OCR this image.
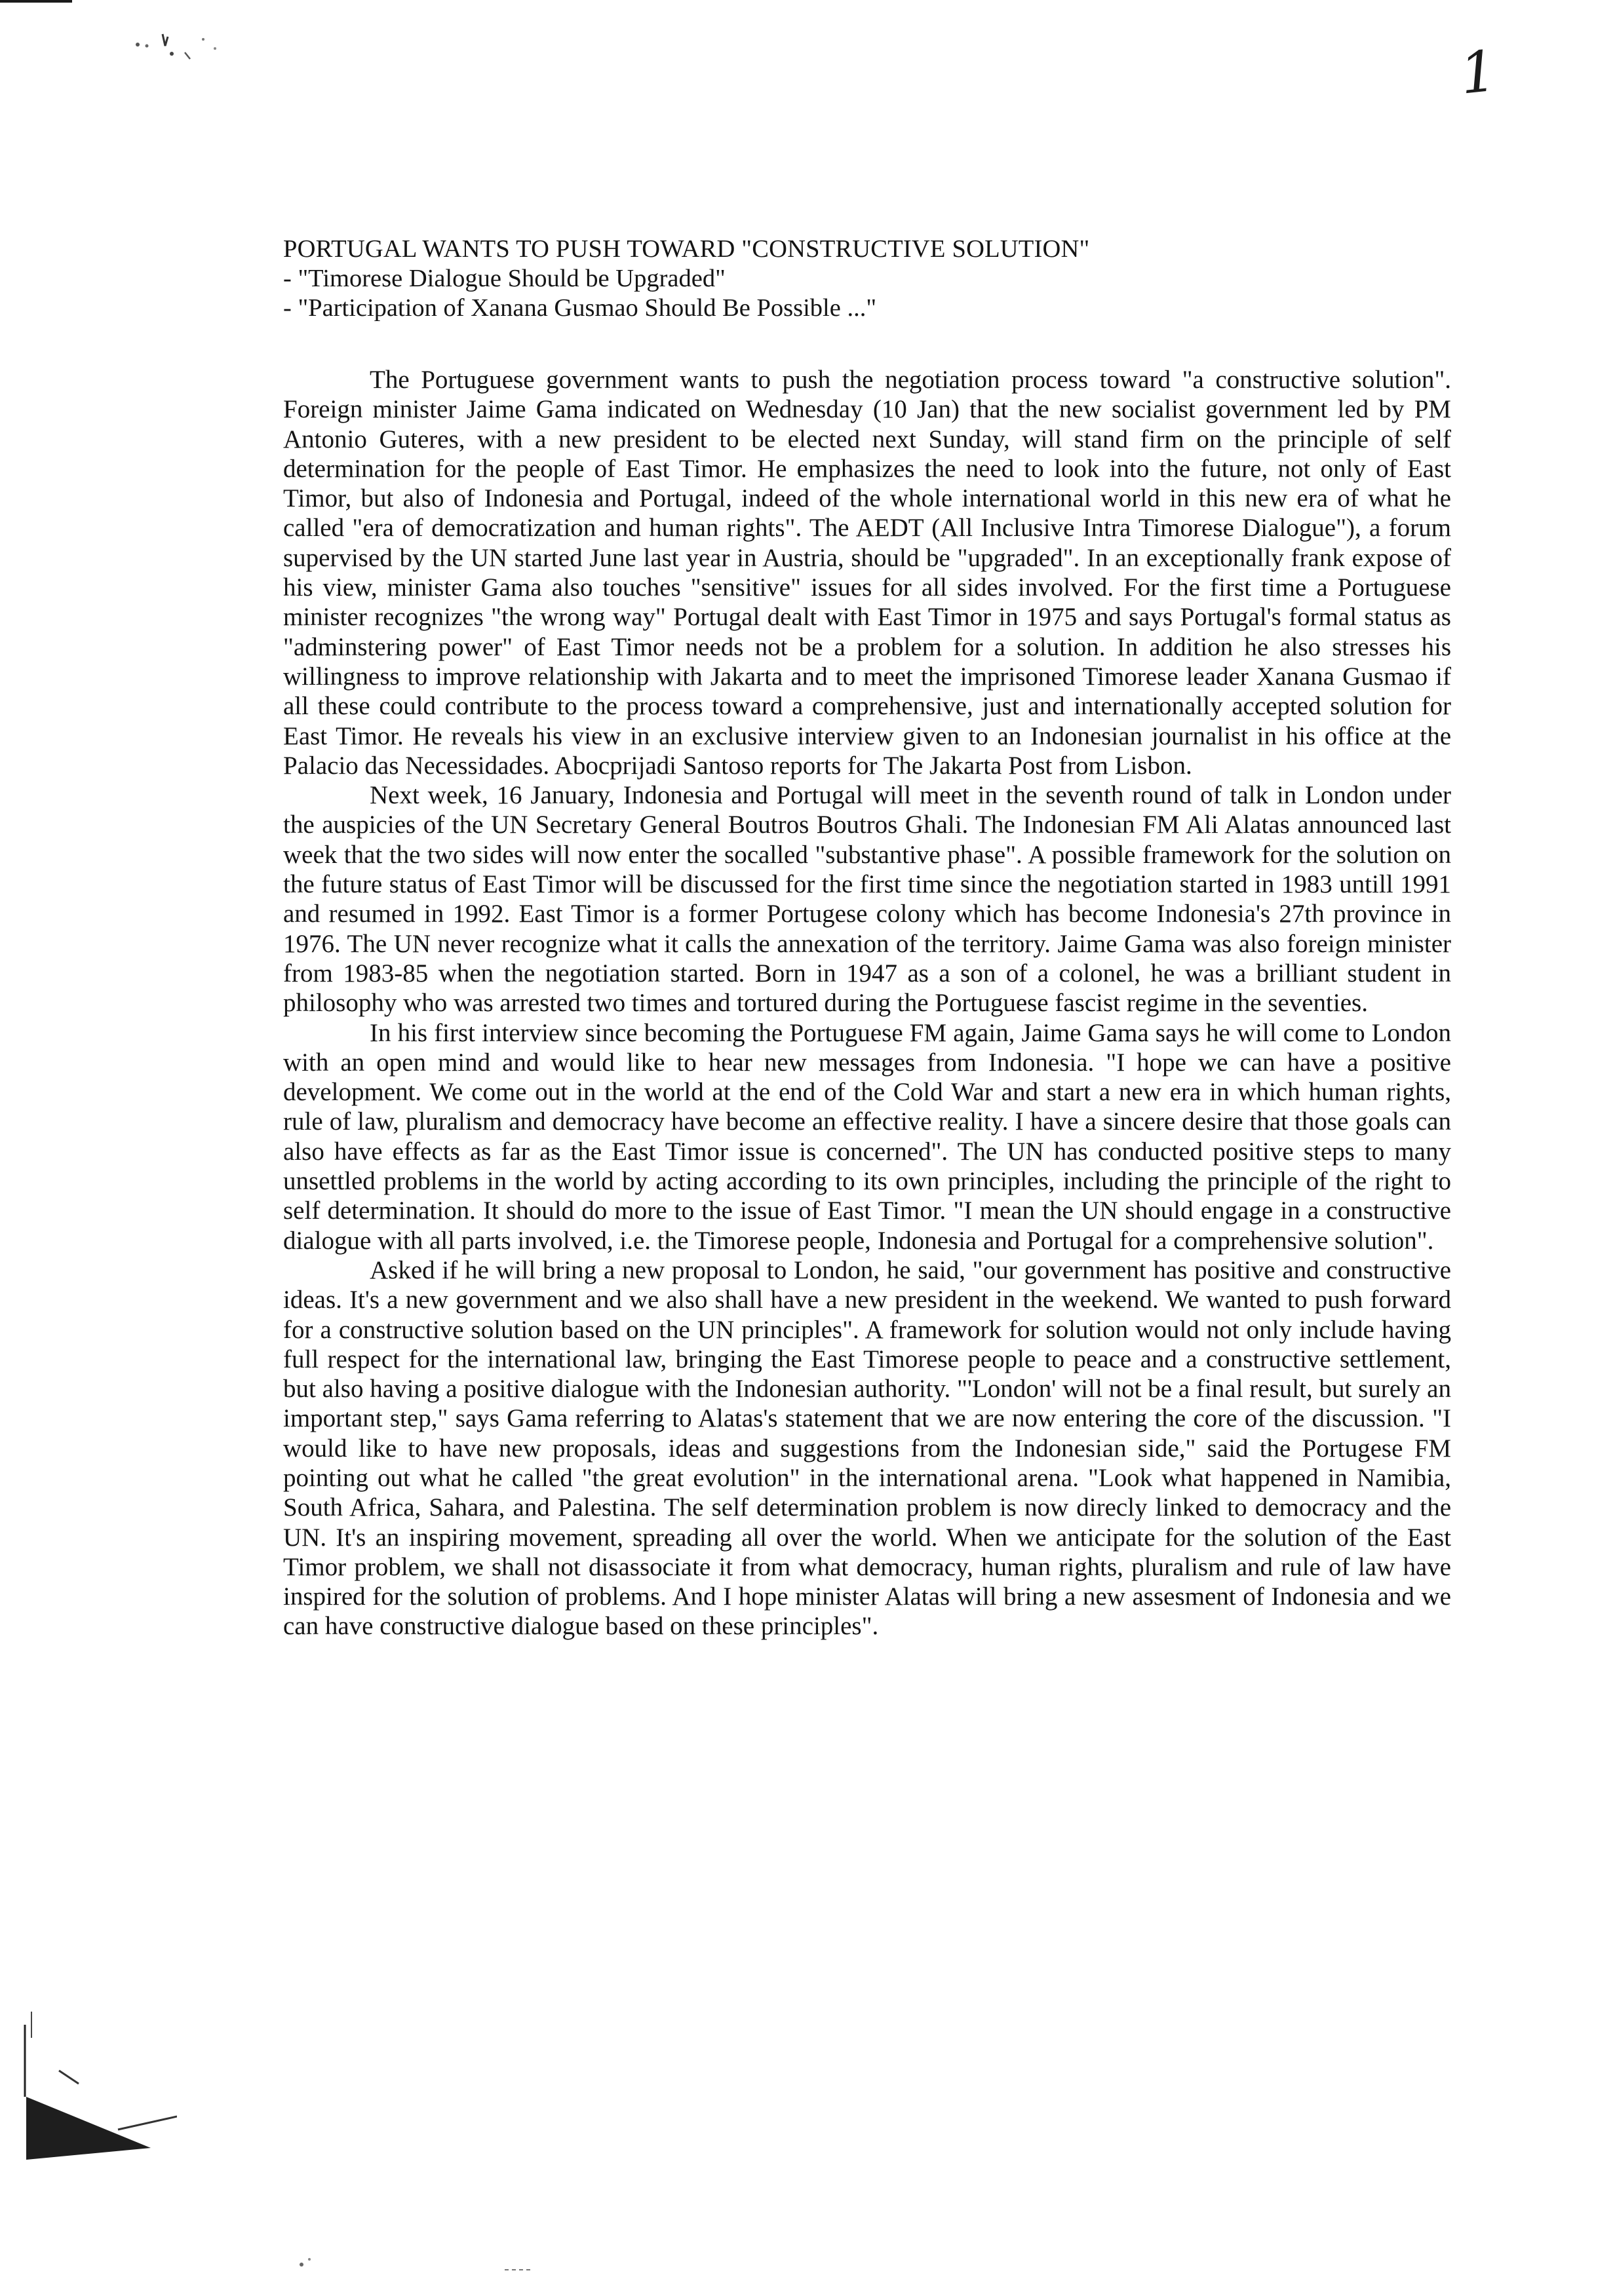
1
PORTUGAL WANTS TO PUSH TOWARD "CONSTRUCTIVE SOLUTION"
- "Timorese Dialogue Should be Upgraded"
- "Participation of Xanana Gusmao Should Be Possible ..."

The Portuguese government wants to push the negotiation process toward "a constructive solution". Foreign minister Jaime Gama indicated on Wednesday (10 Jan) that the new socialist government led by PM Antonio Guteres, with a new president to be elected next Sunday, will stand firm on the principle of self determination for the people of East Timor. He emphasizes the need to look into the future, not only of East Timor, but also of Indonesia and Portugal, indeed of the whole international world in this new era of what he called "era of democratization and human rights". The AEDT (All Inclusive Intra Timorese Dialogue"), a forum supervised by the UN started June last year in Austria, should be "upgraded". In an exceptionally frank expose of his view, minister Gama also touches "sensitive" issues for all sides involved. For the first time a Portuguese minister recognizes "the wrong way" Portugal dealt with East Timor in 1975 and says Portugal's formal status as "adminstering power" of East Timor needs not be a problem for a solution. In addition he also stresses his willingness to improve relationship with Jakarta and to meet the imprisoned Timorese leader Xanana Gusmao if all these could contribute to the process toward a comprehensive, just and internationally accepted solution for East Timor. He reveals his view in an exclusive interview given to an Indonesian journalist in his office at the Palacio das Necessidades. Abocprijadi Santoso reports for The Jakarta Post from Lisbon.

Next week, 16 January, Indonesia and Portugal will meet in the seventh round of talk in London under the auspicies of the UN Secretary General Boutros Boutros Ghali. The Indonesian FM Ali Alatas announced last week that the two sides will now enter the socalled "substantive phase". A possible framework for the solution on the future status of East Timor will be discussed for the first time since the negotiation started in 1983 untill 1991 and resumed in 1992. East Timor is a former Portugese colony which has become Indonesia's 27th province in 1976. The UN never recognize what it calls the annexation of the territory. Jaime Gama was also foreign minister from 1983-85 when the negotiation started. Born in 1947 as a son of a colonel, he was a brilliant student in philosophy who was arrested two times and tortured during the Portuguese fascist regime in the seventies.

In his first interview since becoming the Portuguese FM again, Jaime Gama says he will come to London with an open mind and would like to hear new messages from Indonesia. "I hope we can have a positive development. We come out in the world at the end of the Cold War and start a new era in which human rights, rule of law, pluralism and democracy have become an effective reality. I have a sincere desire that those goals can also have effects as far as the East Timor issue is concerned". The UN has conducted positive steps to many unsettled problems in the world by acting according to its own principles, including the principle of the right to self determination. It should do more to the issue of East Timor. "I mean the UN should engage in a constructive dialogue with all parts involved, i.e. the Timorese people, Indonesia and Portugal for a comprehensive solution".

Asked if he will bring a new proposal to London, he said, "our government has positive and constructive ideas. It's a new government and we also shall have a new president in the weekend. We wanted to push forward for a constructive solution based on the UN principles". A framework for solution would not only include having full respect for the international law, bringing the East Timorese people to peace and a constructive settlement, but also having a positive dialogue with the Indonesian authority. "'London' will not be a final result, but surely an important step," says Gama referring to Alatas's statement that we are now entering the core of the discussion. "I would like to have new proposals, ideas and suggestions from the Indonesian side," said the Portugese FM pointing out what he called "the great evolution" in the international arena. "Look what happened in Namibia, South Africa, Sahara, and Palestina. The self determination problem is now direcly linked to democracy and the UN. It's an inspiring movement, spreading all over the world. When we anticipate for the solution of the East Timor problem, we shall not disassociate it from what democracy, human rights, pluralism and rule of law have inspired for the solution of problems. And I hope minister Alatas will bring a new assesment of Indonesia and we can have constructive dialogue based on these principles".
